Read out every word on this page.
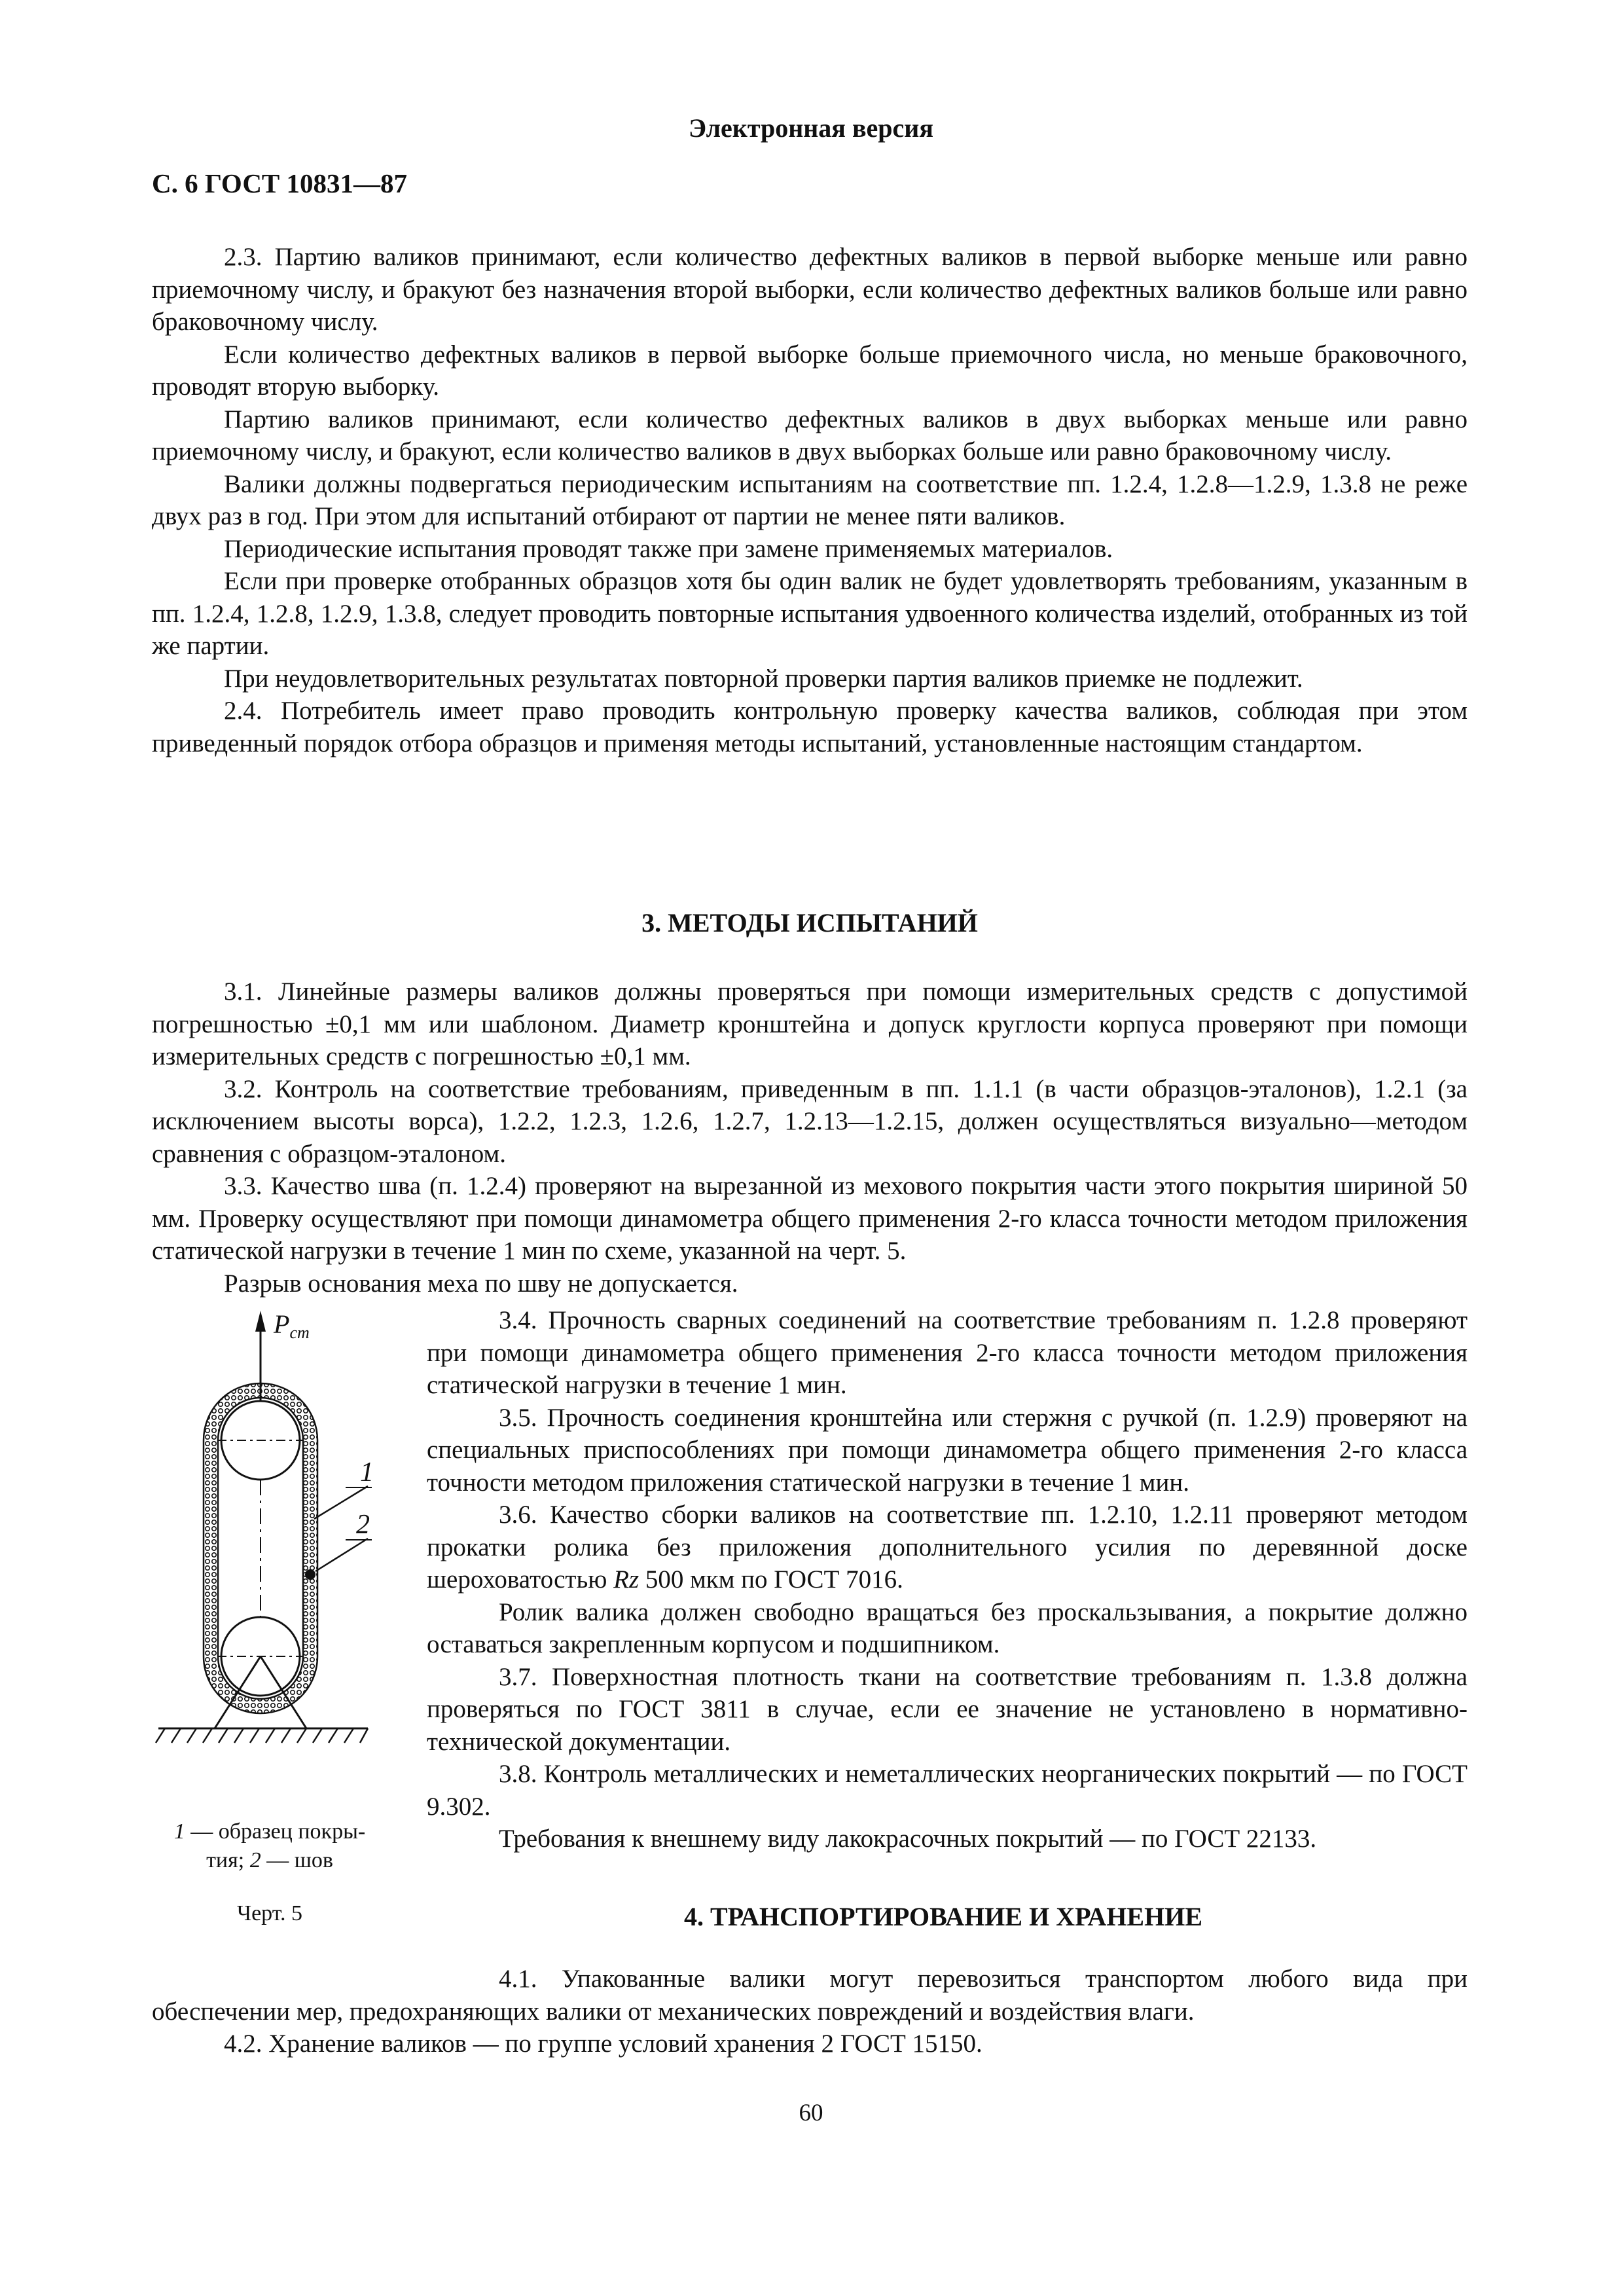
Электронная версия
С. 6 ГОСТ 10831—87

2.3. Партию валиков принимают, если количество дефектных валиков в первой выборке меньше или равно приемочному числу, и бракуют без назначения второй выборки, если количество дефектных валиков больше или равно браковочному числу.

Если количество дефектных валиков в первой выборке больше приемочного числа, но меньше браковочного, проводят вторую выборку.

Партию валиков принимают, если количество дефектных валиков в двух выборках меньше или равно приемочному числу, и бракуют, если количество валиков в двух выборках больше или равно браковочному числу.

Валики должны подвергаться периодическим испытаниям на соответствие пп. 1.2.4, 1.2.8—1.2.9, 1.3.8 не реже двух раз в год. При этом для испытаний отбирают от партии не менее пяти валиков.

Периодические испытания проводят также при замене применяемых материалов.

Если при проверке отобранных образцов хотя бы один валик не будет удовлетворять требованиям, указанным в пп. 1.2.4, 1.2.8, 1.2.9, 1.3.8, следует проводить повторные испытания удвоенного количества изделий, отобранных из той же партии.

При неудовлетворительных результатах повторной проверки партия валиков приемке не подлежит.

2.4. Потребитель имеет право проводить контрольную проверку качества валиков, соблюдая при этом приведенный порядок отбора образцов и применяя методы испытаний, установленные настоящим стандартом.

3. МЕТОДЫ ИСПЫТАНИЙ

3.1. Линейные размеры валиков должны проверяться при помощи измерительных средств с допустимой погрешностью ±0,1 мм или шаблоном. Диаметр кронштейна и допуск круглости корпуса проверяют при помощи измерительных средств с погрешностью ±0,1 мм.

3.2. Контроль на соответствие требованиям, приведенным в пп. 1.1.1 (в части образцов-эталонов), 1.2.1 (за исключением высоты ворса), 1.2.2, 1.2.3, 1.2.6, 1.2.7, 1.2.13—1.2.15, должен осуществляться визуально—методом сравнения с образцом-эталоном.

3.3. Качество шва (п. 1.2.4) проверяют на вырезанной из мехового покрытия части этого покрытия шириной 50 мм. Проверку осуществляют при помощи динамометра общего применения 2-го класса точности методом приложения статической нагрузки в течение 1 мин по схеме, указанной на черт. 5.

Разрыв основания меха по шву не допускается.

3.4. Прочность сварных соединений на соответствие требованиям п. 1.2.8 проверяют при помощи динамометра общего применения 2-го класса точности методом приложения статической нагрузки в течение 1 мин.

3.5. Прочность соединения кронштейна или стержня с ручкой (п. 1.2.9) проверяют на специальных приспособлениях при помощи динамометра общего применения 2-го класса точности методом приложения статической нагрузки в течение 1 мин.

3.6. Качество сборки валиков на соответствие пп. 1.2.10, 1.2.11 проверяют методом прокатки ролика без приложения дополнительного усилия по деревянной доске шероховатостью Rz 500 мкм по ГОСТ 7016.

Ролик валика должен свободно вращаться без проскальзывания, а покрытие должно оставаться закрепленным корпусом и подшипником.

3.7. Поверхностная плотность ткани на соответствие требованиям п. 1.3.8 должна проверяться по ГОСТ 3811 в случае, если ее значение не установлено в нормативно-технической документации.

3.8. Контроль металлических и неметаллических неорганических покрытий — по ГОСТ 9.302.

Требования к внешнему виду лакокрасочных покрытий — по ГОСТ 22133.

$P_{ст}$
1
2
1 — образец покры-
тия; 2 — шов
Черт. 5	4. ТРАНСПОРТИРОВАНИЕ И ХРАНЕНИЕ

4.1. Упакованные валики могут перевозиться транспортом любого вида при обеспечении мер, предохраняющих валики от механических повреждений и воздействия влаги.

4.2. Хранение валиков — по группе условий хранения 2 ГОСТ 15150.

60
